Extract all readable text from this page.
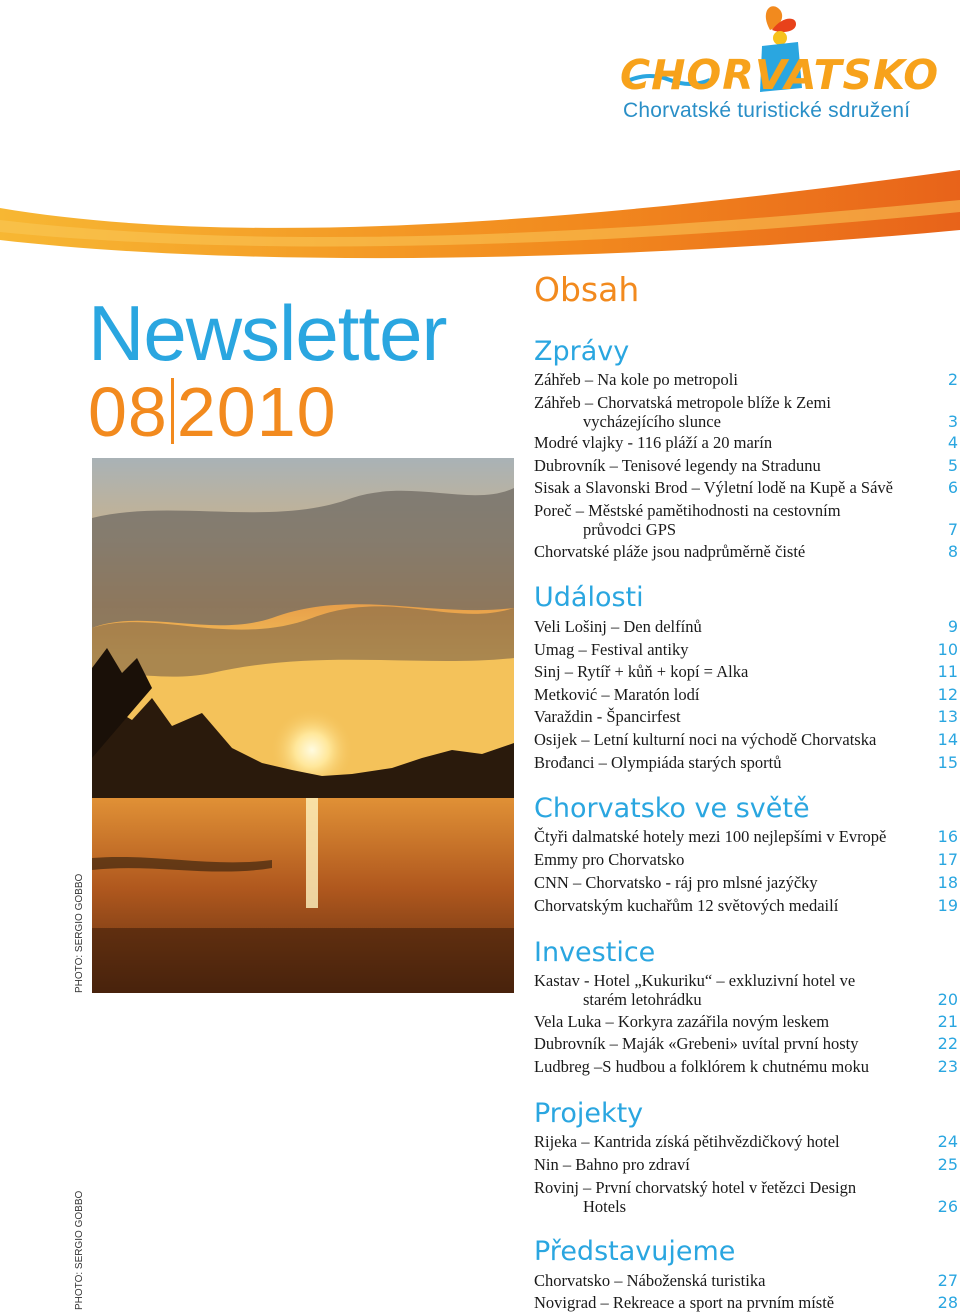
CHORVATSKO
Chorvatské turistické sdružení
Newsletter
08 2010
PHOTO: SERGIO GOBBO
PHOTO: SERGIO GOBBO
Obsah
Zprávy
Záhřeb – Na kole po metropoli	2
Záhřeb – Chorvatská metropole blíže k Zemi
vycházejícího slunce	3
Modré vlajky - 116 pláží a 20 marín	4
Dubrovník – Tenisové legendy na Stradunu	5
Sisak a Slavonski Brod – Výletní lodě na Kupě a Sávě	6
Poreč – Městské pamětihodnosti na cestovním
průvodci GPS	7
Chorvatské pláže jsou nadprůměrně čisté	8
Události
Veli Lošinj – Den delfínů	9
Umag – Festival antiky	10
Sinj – Rytíř + kůň + kopí = Alka	11
Metković – Maratón lodí	12
Varaždin - Špancirfest	13
Osijek – Letní kulturní noci na východě Chorvatska	14
Brođanci – Olympiáda starých sportů	15
Chorvatsko ve světě
Čtyři dalmatské hotely mezi 100 nejlepšími v Evropě	16
Emmy pro Chorvatsko	17
CNN – Chorvatsko - ráj pro mlsné jazýčky	18
Chorvatským kuchařům 12 světových medailí	19
Investice
Kastav - Hotel „Kukuriku“ – exkluzivní hotel ve
starém letohrádku	20
Vela Luka – Korkyra zazářila novým leskem	21
Dubrovník – Maják «Grebeni» uvítal první hosty	22
Ludbreg –S hudbou a folklórem k chutnému moku	23
Projekty
Rijeka – Kantrida získá pětihvězdičkový hotel	24
Nin – Bahno pro zdraví	25
Rovinj – První chorvatský hotel v řetězci Design
Hotels	26
Představujeme
Chorvatsko – Náboženská turistika	27
Novigrad – Rekreace a sport na prvním místě	28
